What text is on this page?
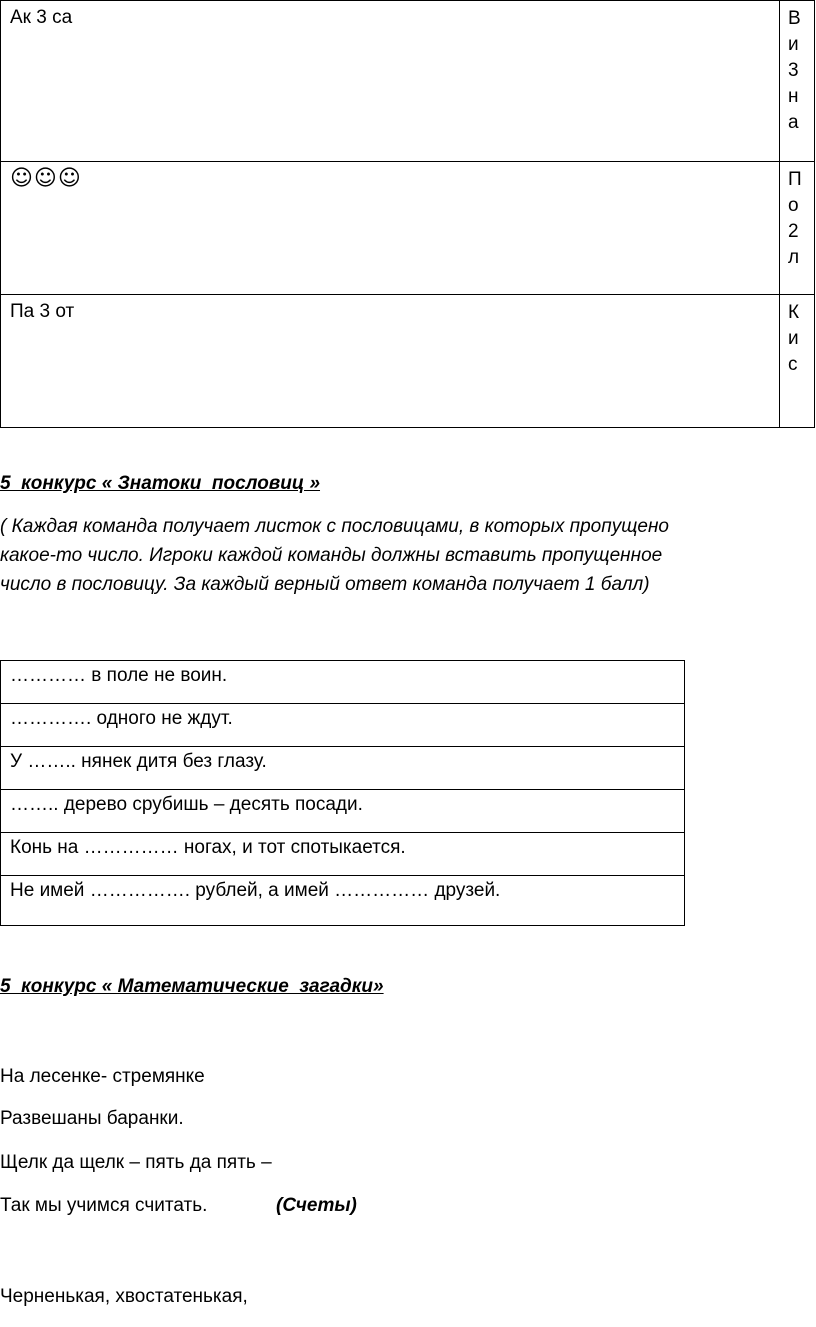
Ак 3 са	В
и
3
н
а

☺☺☺	П
о
2
л

Па 3 от	К
и
с
5  конкурс « Знатоки  пословиц »
( Каждая команда получает листок с пословицами, в которых пропущено
какое-то число. Игроки каждой команды должны вставить пропущенное
число в пословицу. За каждый верный ответ команда получает 1 балл)
………… в поле не воин.
…………. одного не ждут.
У …….. нянек дитя без глазу.
…….. дерево срубишь – десять посади.
Конь на …………… ногах, и тот спотыкается.
Не имей ……………. рублей, а имей …………… друзей.
5  конкурс « Математические  загадки»
На лесенке- стремянке
Развешаны баранки.
Щелк да щелк – пять да пять –
Так мы учимся считать.	(Счеты)
Черненькая, хвостатенькая,
